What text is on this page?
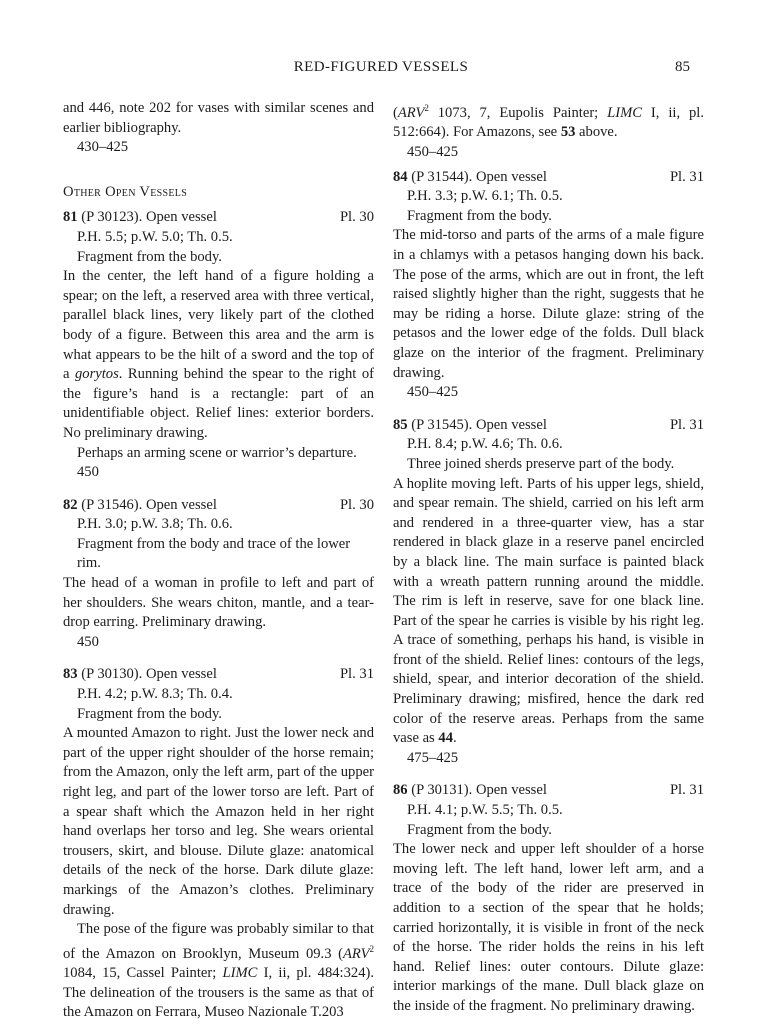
RED-FIGURED VESSELS	85

and 446, note 202 for vases with similar scenes and earlier bibliography.

430–425
Other Open Vessels
81 (P 30123). Open vessel	Pl. 30

P.H. 5.5; p.W. 5.0; Th. 0.5.

Fragment from the body.

In the center, the left hand of a figure holding a spear; on the left, a reserved area with three vertical, parallel black lines, very likely part of the clothed body of a figure. Between this area and the arm is what appears to be the hilt of a sword and the top of a gorytos. Running behind the spear to the right of the figure’s hand is a rectangle: part of an unidentifiable object. Relief lines: exterior borders. No preliminary drawing.

Perhaps an arming scene or warrior’s departure.

450
82 (P 31546). Open vessel	Pl. 30

P.H. 3.0; p.W. 3.8; Th. 0.6.

Fragment from the body and trace of the lower rim.

The head of a woman in profile to left and part of her shoulders. She wears chiton, mantle, and a tear-drop earring. Preliminary drawing.

450
83 (P 30130). Open vessel	Pl. 31

P.H. 4.2; p.W. 8.3; Th. 0.4.

Fragment from the body.

A mounted Amazon to right. Just the lower neck and part of the upper right shoulder of the horse remain; from the Amazon, only the left arm, part of the upper right leg, and part of the lower torso are left. Part of a spear shaft which the Amazon held in her right hand overlaps her torso and leg. She wears oriental trousers, skirt, and blouse. Dilute glaze: anatomical details of the neck of the horse. Dark dilute glaze: markings of the Amazon’s clothes. Preliminary drawing.

The pose of the figure was probably similar to that of the Amazon on Brooklyn, Museum 09.3 (ARV$^2$ 1084, 15, Cassel Painter; LIMC I, ii, pl. 484:324). The delineation of the trousers is the same as that of the Amazon on Ferrara, Museo Nazionale T.203

(ARV$^2$ 1073, 7, Eupolis Painter; LIMC I, ii, pl. 512:664). For Amazons, see 53 above.

450–425
84 (P 31544). Open vessel	Pl. 31

P.H. 3.3; p.W. 6.1; Th. 0.5.

Fragment from the body.

The mid-torso and parts of the arms of a male figure in a chlamys with a petasos hanging down his back. The pose of the arms, which are out in front, the left raised slightly higher than the right, suggests that he may be riding a horse. Dilute glaze: string of the petasos and the lower edge of the folds. Dull black glaze on the interior of the fragment. Preliminary drawing.

450–425
85 (P 31545). Open vessel	Pl. 31

P.H. 8.4; p.W. 4.6; Th. 0.6.

Three joined sherds preserve part of the body.

A hoplite moving left. Parts of his upper legs, shield, and spear remain. The shield, carried on his left arm and rendered in a three-quarter view, has a star rendered in black glaze in a reserve panel encircled by a black line. The main surface is painted black with a wreath pattern running around the middle. The rim is left in reserve, save for one black line. Part of the spear he carries is visible by his right leg. A trace of something, perhaps his hand, is visible in front of the shield. Relief lines: contours of the legs, shield, spear, and interior decoration of the shield. Preliminary drawing; misfired, hence the dark red color of the reserve areas. Perhaps from the same vase as 44.

475–425
86 (P 30131). Open vessel	Pl. 31

P.H. 4.1; p.W. 5.5; Th. 0.5.

Fragment from the body.

The lower neck and upper left shoulder of a horse moving left. The left hand, lower left arm, and a trace of the body of the rider are preserved in addition to a section of the spear that he holds; carried horizontally, it is visible in front of the neck of the horse. The rider holds the reins in his left hand. Relief lines: outer contours. Dilute glaze: interior markings of the mane. Dull black glaze on the inside of the fragment. No preliminary drawing.
